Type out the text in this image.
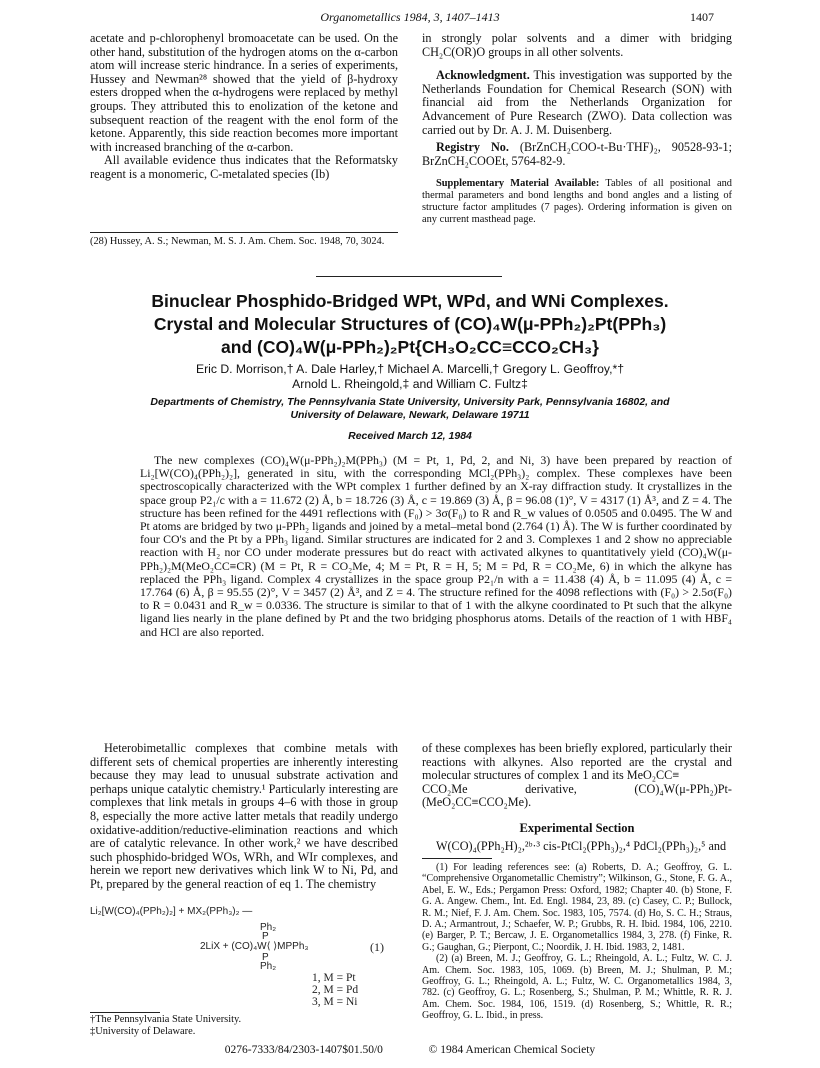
Organometallics 1984, 3, 1407–1413	1407

acetate and p-chlorophenyl bromoacetate can be used. On the other hand, substitution of the hydrogen atoms on the α-carbon atom will increase steric hindrance. In a series of experiments, Hussey and Newman²⁸ showed that the yield of β-hydroxy esters dropped when the α-hydrogens were replaced by methyl groups. They attributed this to enolization of the ketone and subsequent reaction of the reagent with the enol form of the ketone. Apparently, this side reaction becomes more important with increased branching of the α-carbon.

All available evidence thus indicates that the Reformatsky reagent is a monomeric, C-metalated species (Ib)

(28) Hussey, A. S.; Newman, M. S. J. Am. Chem. Soc. 1948, 70, 3024.

in strongly polar solvents and a dimer with bridging CH₂C(OR)O groups in all other solvents.

Acknowledgment. This investigation was supported by the Netherlands Foundation for Chemical Research (SON) with financial aid from the Netherlands Organization for Advancement of Pure Research (ZWO). Data collection was carried out by Dr. A. J. M. Duisenberg.

Registry No. (BrZnCH₂COO-t-Bu·THF)₂, 90528-93-1; BrZnCH₂COOEt, 5764-82-9.

Supplementary Material Available: Tables of all positional and thermal parameters and bond lengths and bond angles and a listing of structure factor amplitudes (7 pages). Ordering information is given on any current masthead page.

Binuclear Phosphido-Bridged WPt, WPd, and WNi Complexes.
Crystal and Molecular Structures of (CO)₄W(μ-PPh₂)₂Pt(PPh₃)
and (CO)₄W(μ-PPh₂)₂Pt{CH₃O₂CC≡CCO₂CH₃}
Eric D. Morrison,† A. Dale Harley,† Michael A. Marcelli,† Gregory L. Geoffroy,*†
Arnold L. Rheingold,‡ and William C. Fultz‡
Departments of Chemistry, The Pennsylvania State University, University Park, Pennsylvania 16802, and
University of Delaware, Newark, Delaware 19711
Received March 12, 1984

The new complexes (CO)₄W(μ-PPh₂)₂M(PPh₃) (M = Pt, 1, Pd, 2, and Ni, 3) have been prepared by reaction of Li₂[W(CO)₄(PPh₂)₂], generated in situ, with the corresponding MCl₂(PPh₃)₂ complex. These complexes have been spectroscopically characterized with the WPt complex 1 further defined by an X-ray diffraction study. It crystallizes in the space group P2₁/c with a = 11.672 (2) Å, b = 18.726 (3) Å, c = 19.869 (3) Å, β = 96.08 (1)°, V = 4317 (1) Å³, and Z = 4. The structure has been refined for the 4491 reflections with (F₀) > 3σ(F₀) to R and R_w values of 0.0505 and 0.0495. The W and Pt atoms are bridged by two μ-PPh₂ ligands and joined by a metal–metal bond (2.764 (1) Å). The W is further coordinated by four CO's and the Pt by a PPh₃ ligand. Similar structures are indicated for 2 and 3. Complexes 1 and 2 show no appreciable reaction with H₂ nor CO under moderate pressures but do react with activated alkynes to quantitatively yield (CO)₄W(μ-PPh₂)₂M(MeO₂CC≡CR) (M = Pt, R = CO₂Me, 4; M = Pt, R = H, 5; M = Pd, R = CO₂Me, 6) in which the alkyne has replaced the PPh₃ ligand. Complex 4 crystallizes in the space group P2₁/n with a = 11.438 (4) Å, b = 11.095 (4) Å, c = 17.764 (6) Å, β = 95.55 (2)°, V = 3457 (2) Å³, and Z = 4. The structure refined for the 4098 reflections with (F₀) > 2.5σ(F₀) to R = 0.0431 and R_w = 0.0336. The structure is similar to that of 1 with the alkyne coordinated to Pt such that the alkyne ligand lies nearly in the plane defined by Pt and the two bridging phosphorus atoms. Details of the reaction of 1 with HBF₄ and HCl are also reported.

Heterobimetallic complexes that combine metals with different sets of chemical properties are inherently interesting because they may lead to unusual substrate activation and perhaps unique catalytic chemistry.¹ Particularly interesting are complexes that link metals in groups 4–6 with those in group 8, especially the more active latter metals that readily undergo oxidative-addition/reductive-elimination reactions and which are of catalytic relevance. In other work,² we have described such phosphido-bridged WOs, WRh, and WIr complexes, and herein we report new derivatives which link W to Ni, Pd, and Pt, prepared by the general reaction of eq 1. The chemistry

Li₂[W(CO)₄(PPh₂)₂] + MX₂(PPh₃)₂ —
Ph₂
P
2LiX + (CO)₄W⟨ ⟩MPPh₃
P
Ph₂
(1)
1, M = Pt
2, M = Pd
3, M = Ni
†The Pennsylvania State University.
‡University of Delaware.

of these complexes has been briefly explored, particularly their reactions with alkynes. Also reported are the crystal and molecular structures of complex 1 and its MeO₂CC≡

CCO₂Me	derivative,	(CO)₄W(μ-PPh₂)Pt-

(MeO₂CC≡CCO₂Me).

Experimental Section

W(CO)₄(PPh₂H)₂,²ᵇ·³ cis-PtCl₂(PPh₃)₂,⁴ PdCl₂(PPh₃)₂,⁵ and

(1) For leading references see: (a) Roberts, D. A.; Geoffroy, G. L. “Comprehensive Organometallic Chemistry”; Wilkinson, G., Stone, F. G. A., Abel, E. W., Eds.; Pergamon Press: Oxford, 1982; Chapter 40. (b) Stone, F. G. A. Angew. Chem., Int. Ed. Engl. 1984, 23, 89. (c) Casey, C. P.; Bullock, R. M.; Nief, F. J. Am. Chem. Soc. 1983, 105, 7574. (d) Ho, S. C. H.; Straus, D. A.; Armantrout, J.; Schaefer, W. P.; Grubbs, R. H. Ibid. 1984, 106, 2210. (e) Barger, P. T.; Bercaw, J. E. Organometallics 1984, 3, 278. (f) Finke, R. G.; Gaughan, G.; Pierpont, C.; Noordik, J. H. Ibid. 1983, 2, 1481.

(2) (a) Breen, M. J.; Geoffroy, G. L.; Rheingold, A. L.; Fultz, W. C. J. Am. Chem. Soc. 1983, 105, 1069. (b) Breen, M. J.; Shulman, P. M.; Geoffroy, G. L.; Rheingold, A. L.; Fultz, W. C. Organometallics 1984, 3, 782. (c) Geoffroy, G. L.; Rosenberg, S.; Shulman, P. M.; Whittle, R. R. J. Am. Chem. Soc. 1984, 106, 1519. (d) Rosenberg, S.; Whittle, R. R.; Geoffroy, G. L. Ibid., in press.

0276-7333/84/2303-1407$01.50/0	© 1984 American Chemical Society
